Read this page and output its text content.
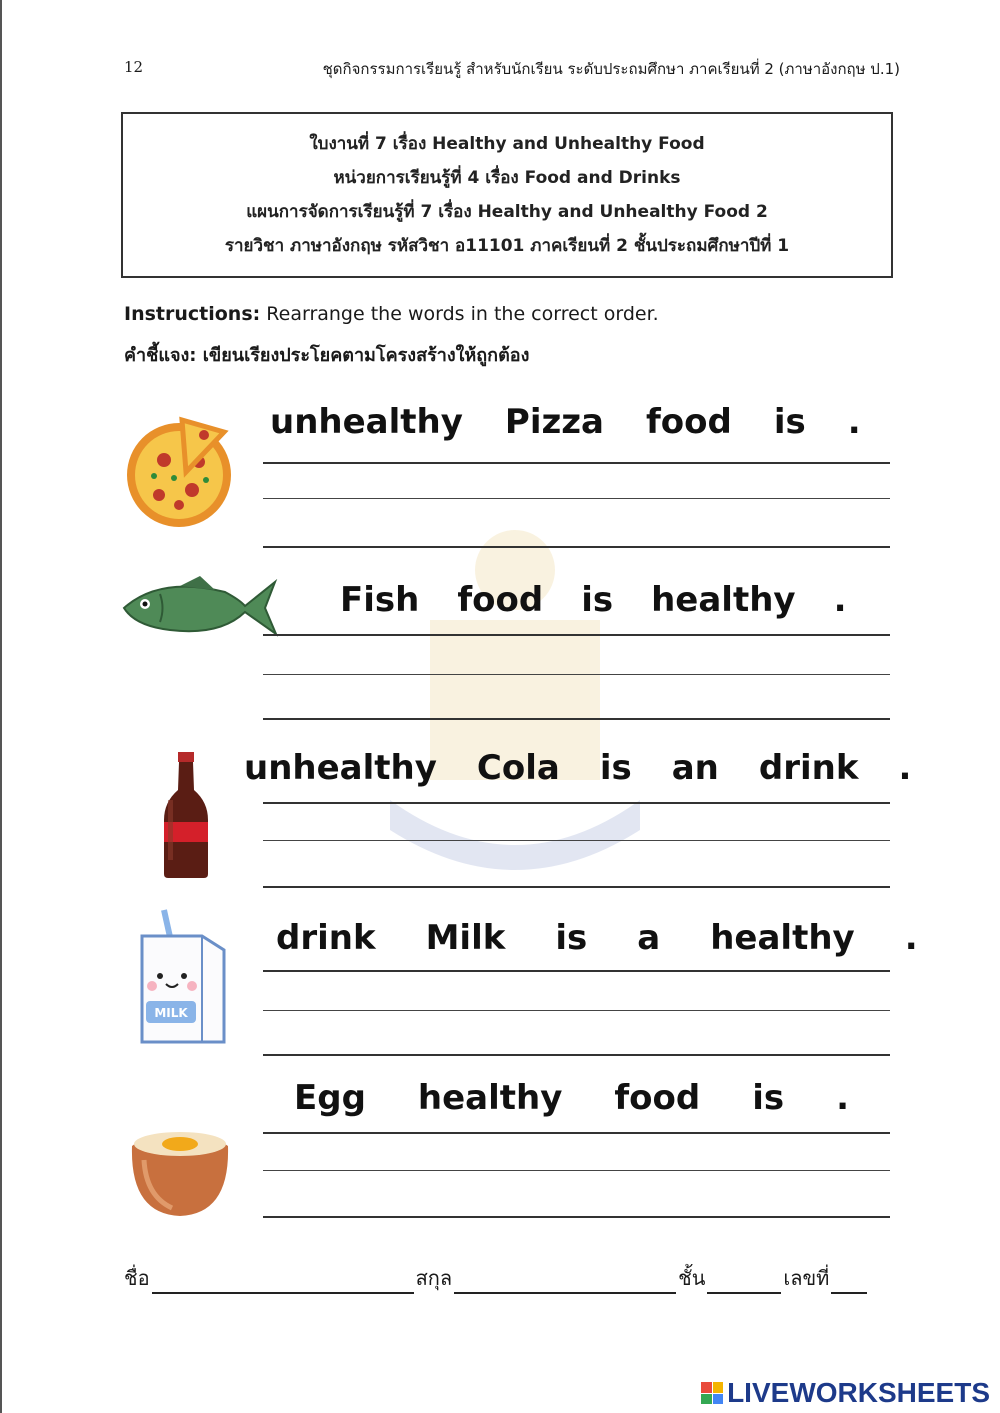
12	ชุดกิจกรรมการเรียนรู้ สำหรับนักเรียน ระดับประถมศึกษา ภาคเรียนที่ 2 (ภาษาอังกฤษ ป.1)
ใบงานที่ 7 เรื่อง Healthy and Unhealthy Food
หน่วยการเรียนรู้ที่ 4 เรื่อง Food and Drinks
แผนการจัดการเรียนรู้ที่ 7 เรื่อง Healthy and Unhealthy Food 2
รายวิชา ภาษาอังกฤษ รหัสวิชา อ11101 ภาคเรียนที่ 2 ชั้นประถมศึกษาปีที่ 1
Instructions: Rearrange the words in the correct order.
คำชี้แจง: เขียนเรียงประโยคตามโครงสร้างให้ถูกต้อง
unhealthy Pizza food is .
Fish food is healthy .
unhealthy Cola is an drink .
MILK
drink Milk is a healthy .
Egg healthy food is .
ชื่อ	สกุล	ชั้น	เลขที่
LIVEWORKSHEETS
